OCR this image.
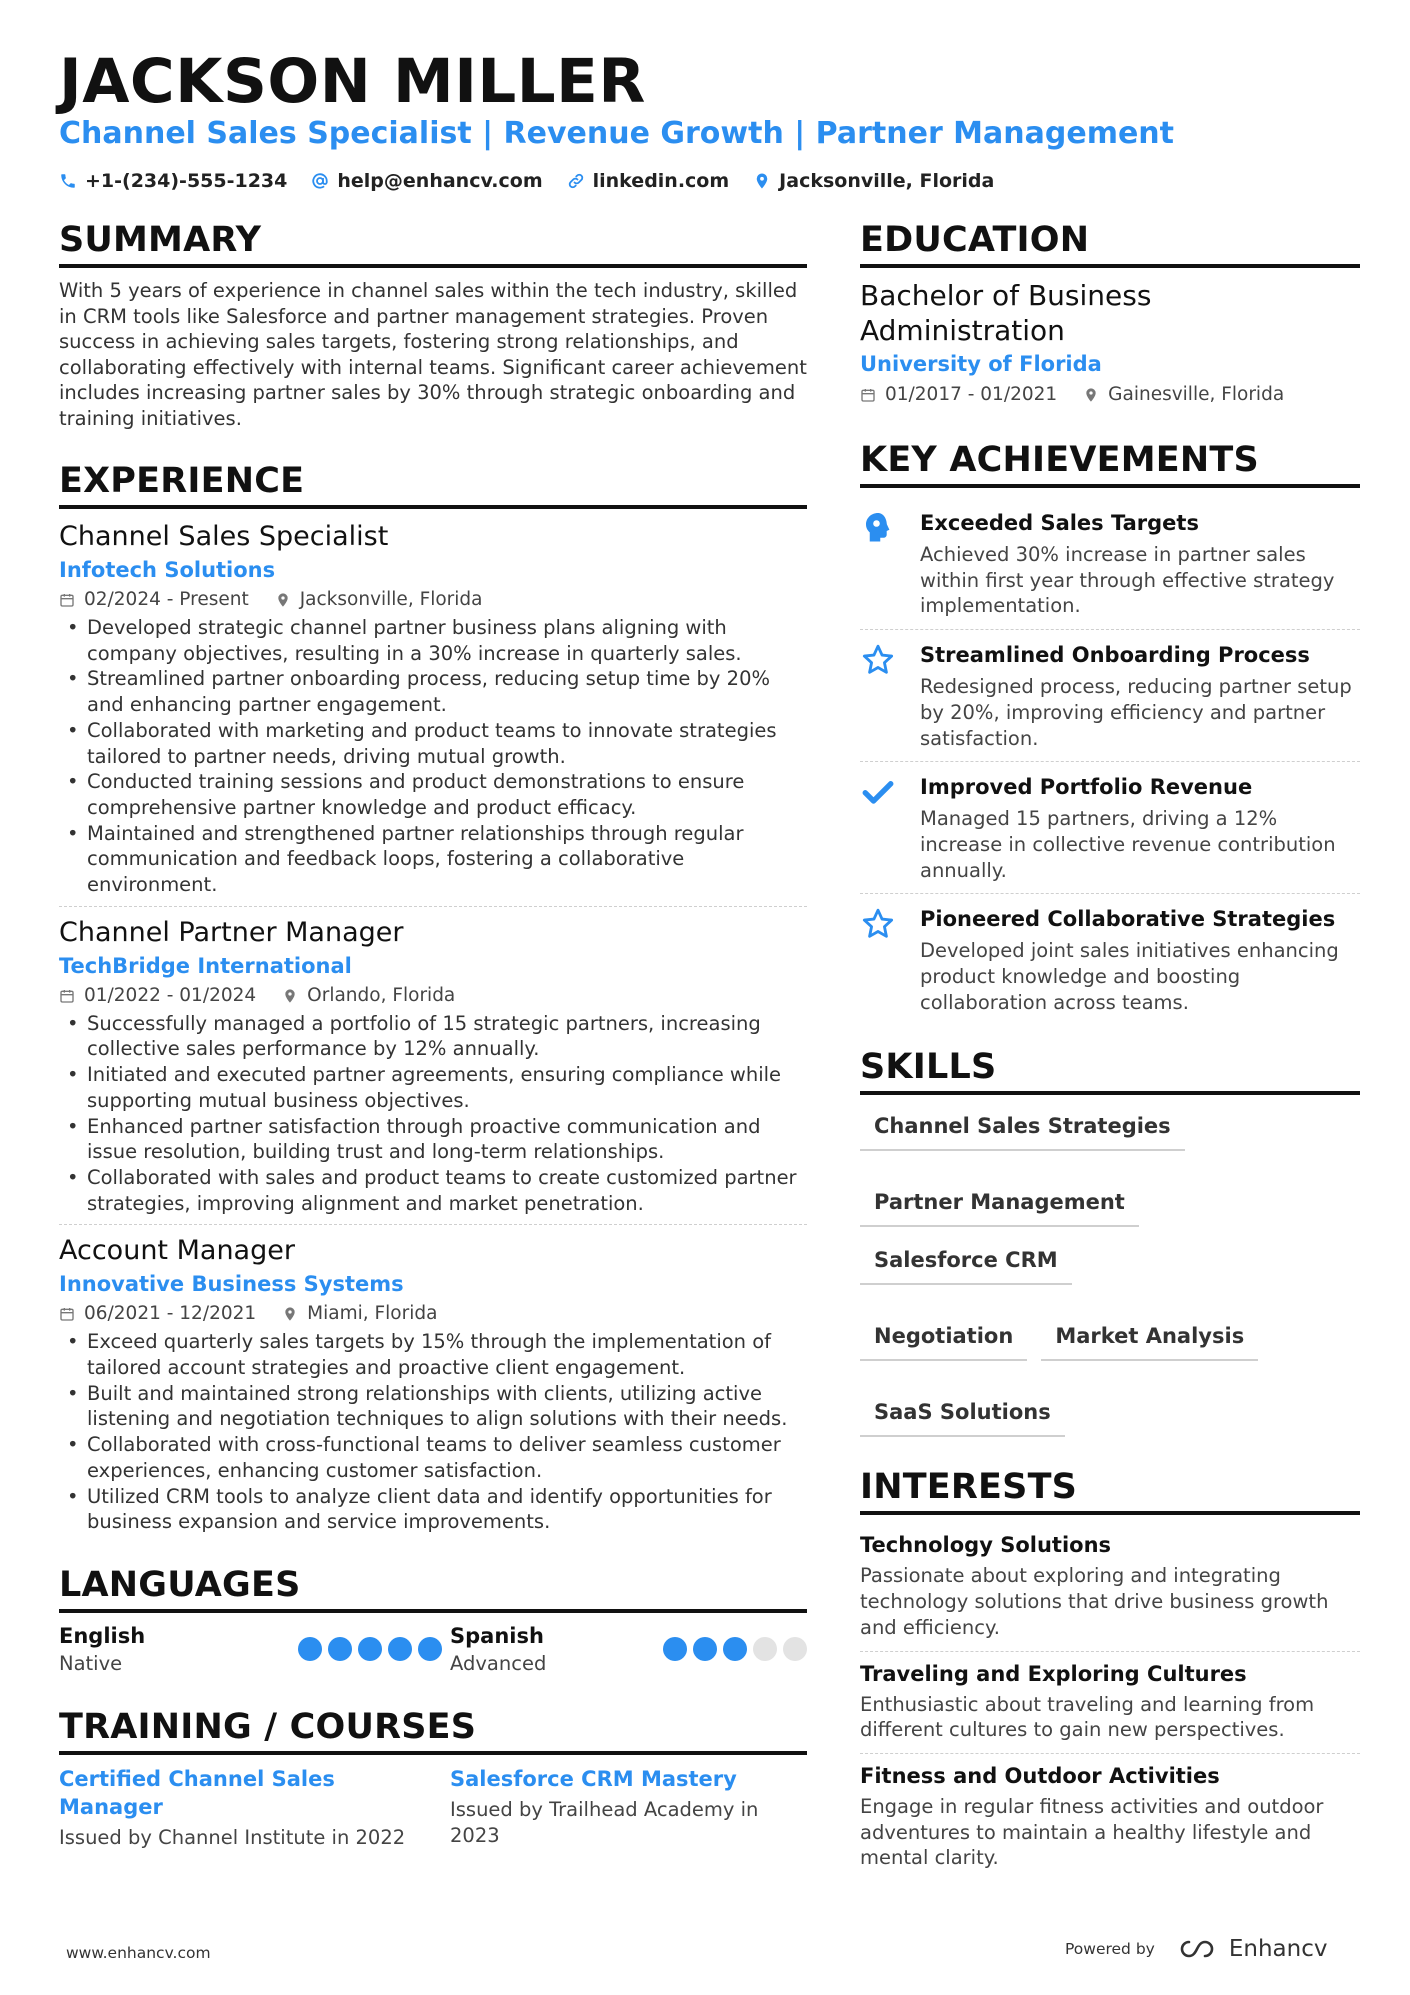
JACKSON MILLER
Channel Sales Specialist | Revenue Growth | Partner Management
+1-(234)-555-1234	help@enhancv.com	linkedin.com	Jacksonville, Florida
SUMMARY

With 5 years of experience in channel sales within the tech industry, skilled in CRM tools like Salesforce and partner management strategies. Proven success in achieving sales targets, fostering strong relationships, and collaborating effectively with internal teams. Significant career achievement includes increasing partner sales by 30% through strategic onboarding and training initiatives.

EXPERIENCE
Channel Sales Specialist
Infotech Solutions
02/2024 - Present	Jacksonville, Florida
• Developed strategic channel partner business plans aligning with company objectives, resulting in a 30% increase in quarterly sales.
• Streamlined partner onboarding process, reducing setup time by 20% and enhancing partner engagement.
• Collaborated with marketing and product teams to innovate strategies tailored to partner needs, driving mutual growth.
• Conducted training sessions and product demonstrations to ensure comprehensive partner knowledge and product efficacy.
• Maintained and strengthened partner relationships through regular communication and feedback loops, fostering a collaborative environment.
Channel Partner Manager
TechBridge International
01/2022 - 01/2024	Orlando, Florida
• Successfully managed a portfolio of 15 strategic partners, increasing collective sales performance by 12% annually.
• Initiated and executed partner agreements, ensuring compliance while supporting mutual business objectives.
• Enhanced partner satisfaction through proactive communication and issue resolution, building trust and long-term relationships.
• Collaborated with sales and product teams to create customized partner strategies, improving alignment and market penetration.
Account Manager
Innovative Business Systems
06/2021 - 12/2021	Miami, Florida
• Exceed quarterly sales targets by 15% through the implementation of tailored account strategies and proactive client engagement.
• Built and maintained strong relationships with clients, utilizing active listening and negotiation techniques to align solutions with their needs.
• Collaborated with cross-functional teams to deliver seamless customer experiences, enhancing customer satisfaction.
• Utilized CRM tools to analyze client data and identify opportunities for business expansion and service improvements.
LANGUAGES
English
Native
Spanish
Advanced
TRAINING / COURSES
Certified Channel Sales Manager
Issued by Channel Institute in 2022
Salesforce CRM Mastery
Issued by Trailhead Academy in 2023
EDUCATION
Bachelor of Business Administration
University of Florida
01/2017 - 01/2021	Gainesville, Florida
KEY ACHIEVEMENTS
Exceeded Sales Targets
Achieved 30% increase in partner sales within first year through effective strategy implementation.
Streamlined Onboarding Process
Redesigned process, reducing partner setup by 20%, improving efficiency and partner satisfaction.
Improved Portfolio Revenue
Managed 15 partners, driving a 12% increase in collective revenue contribution annually.
Pioneered Collaborative Strategies
Developed joint sales initiatives enhancing product knowledge and boosting collaboration across teams.
SKILLS
Channel Sales Strategies
Partner Management
Salesforce CRM
Negotiation	Market Analysis
SaaS Solutions
INTERESTS
Technology Solutions
Passionate about exploring and integrating technology solutions that drive business growth and efficiency.
Traveling and Exploring Cultures
Enthusiastic about traveling and learning from different cultures to gain new perspectives.
Fitness and Outdoor Activities
Engage in regular fitness activities and outdoor adventures to maintain a healthy lifestyle and mental clarity.
www.enhancv.com	Powered by	Enhancv
